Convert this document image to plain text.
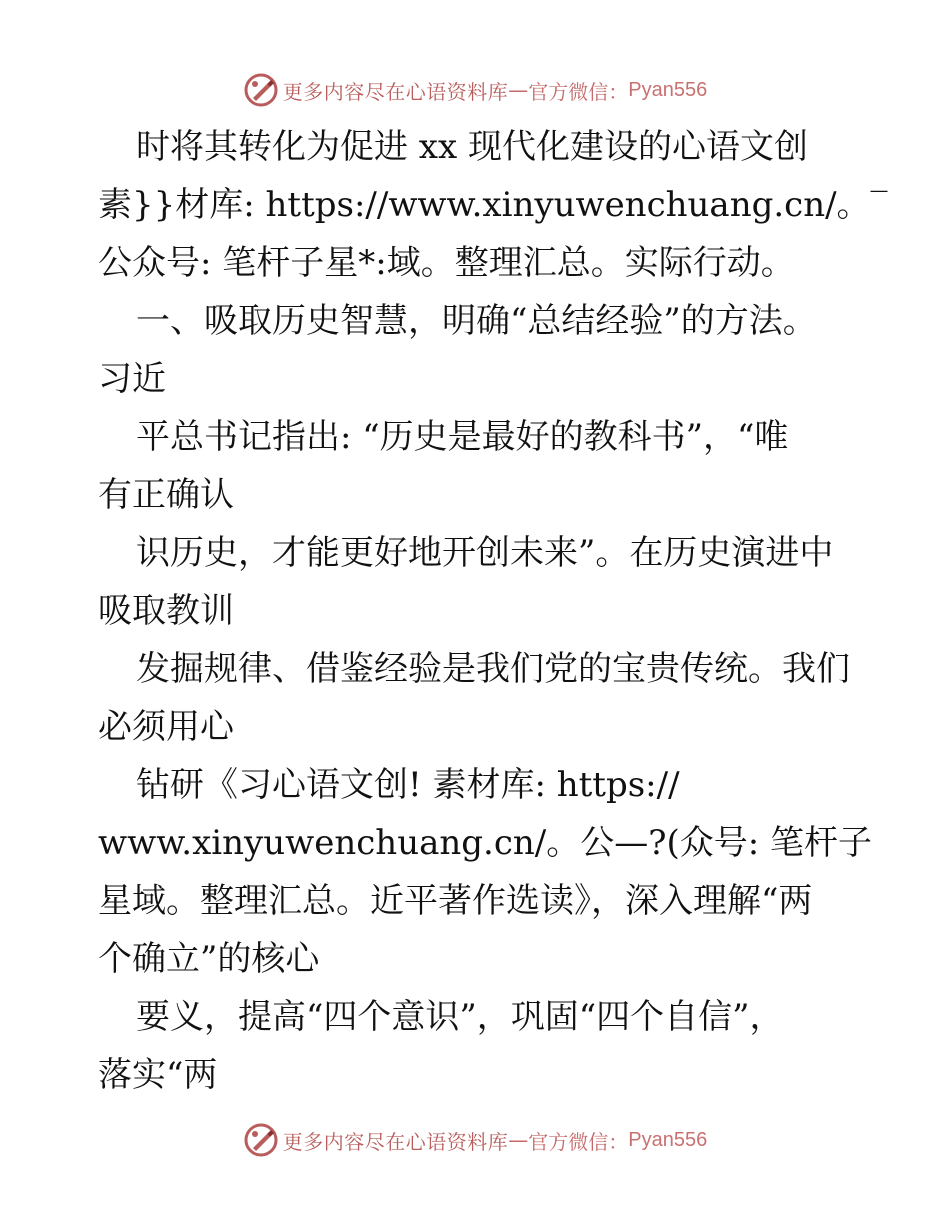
更多内容尽在心语资料库 — 官方微信： Pyan556
时将其转化为促进 xx 现代化建设的心语文创
素}}材库: https://www.xinyuwenchuang.cn/。‾
公众号: 笔杆子星*:域。整理汇总。实际行动。
一、吸取历史智慧，明确“总结经验”的方法。
习近
平总书记指出: “历史是最好的教科书”，“唯
有正确认
识历史，才能更好地开创未来”。在历史演进中
吸取教训
发掘规律、借鉴经验是我们党的宝贵传统。我们
必须用心
钻研《习心语文创! 素材库: https://
www.xinyuwenchuang.cn/。公—?(众号: 笔杆子
星域。整理汇总。近平著作选读》，深入理解“两
个确立”的核心
要义，提高“四个意识”，巩固“四个自信”，
落实“两
更多内容尽在心语资料库 — 官方微信： Pyan556
